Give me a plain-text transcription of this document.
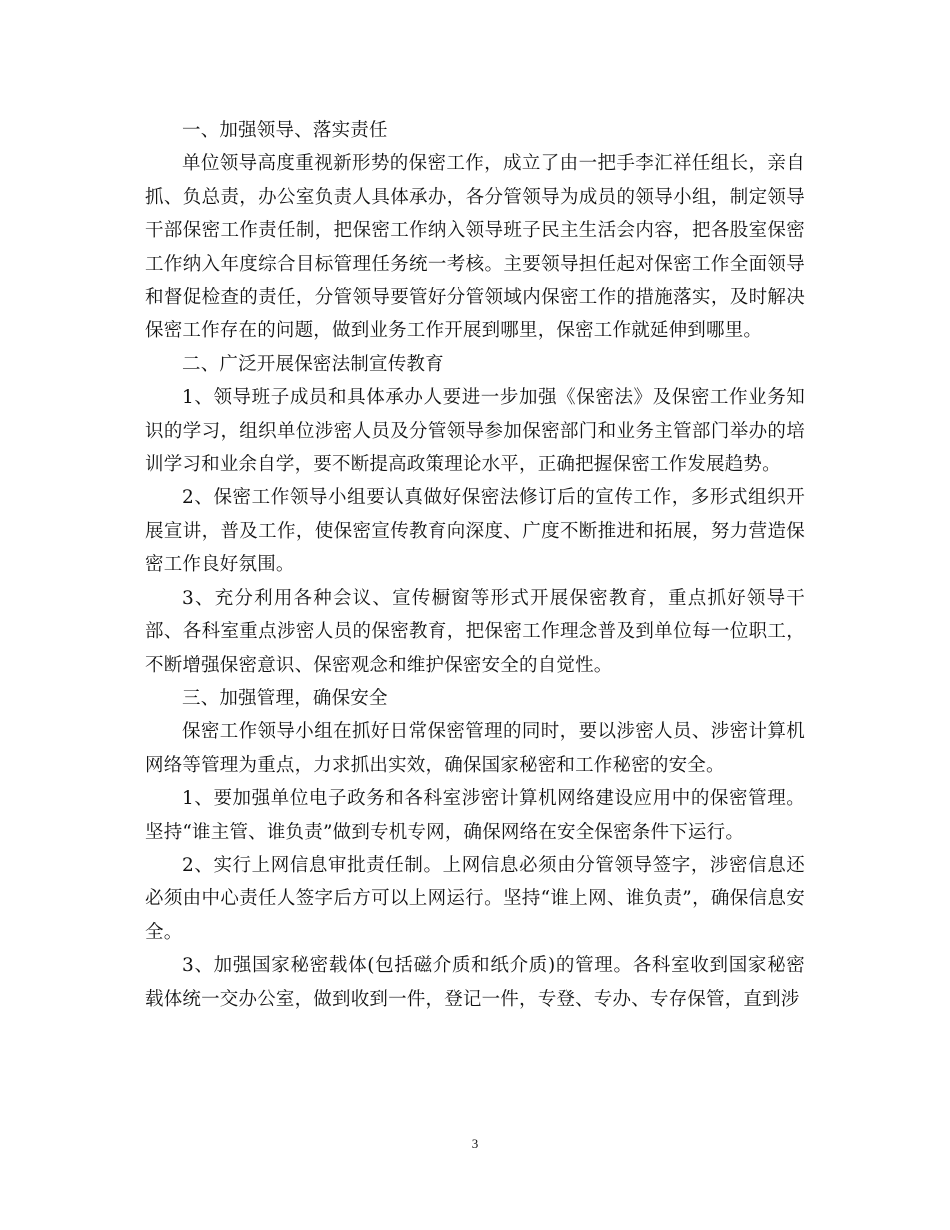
一、加强领导、落实责任

单位领导高度重视新形势的保密工作，成立了由一把手李汇祥任组长，亲自抓、负总责，办公室负责人具体承办，各分管领导为成员的领导小组，制定领导干部保密工作责任制，把保密工作纳入领导班子民主生活会内容，把各股室保密工作纳入年度综合目标管理任务统一考核。主要领导担任起对保密工作全面领导和督促检查的责任，分管领导要管好分管领域内保密工作的措施落实，及时解决保密工作存在的问题，做到业务工作开展到哪里，保密工作就延伸到哪里。

二、广泛开展保密法制宣传教育

1、领导班子成员和具体承办人要进一步加强《保密法》及保密工作业务知识的学习，组织单位涉密人员及分管领导参加保密部门和业务主管部门举办的培训学习和业余自学，要不断提高政策理论水平，正确把握保密工作发展趋势。

2、保密工作领导小组要认真做好保密法修订后的宣传工作，多形式组织开展宣讲，普及工作，使保密宣传教育向深度、广度不断推进和拓展，努力营造保密工作良好氛围。

3、充分利用各种会议、宣传橱窗等形式开展保密教育，重点抓好领导干部、各科室重点涉密人员的保密教育，把保密工作理念普及到单位每一位职工，不断增强保密意识、保密观念和维护保密安全的自觉性。

三、加强管理，确保安全

保密工作领导小组在抓好日常保密管理的同时，要以涉密人员、涉密计算机网络等管理为重点，力求抓出实效，确保国家秘密和工作秘密的安全。

1、要加强单位电子政务和各科室涉密计算机网络建设应用中的保密管理。坚持“谁主管、谁负责”做到专机专网，确保网络在安全保密条件下运行。

2、实行上网信息审批责任制。上网信息必须由分管领导签字，涉密信息还必须由中心责任人签字后方可以上网运行。坚持“谁上网、谁负责”，确保信息安全。

3、加强国家秘密载体(包括磁介质和纸介质)的管理。各科室收到国家秘密载体统一交办公室，做到收到一件，登记一件，专登、专办、专存保管，直到涉

3
